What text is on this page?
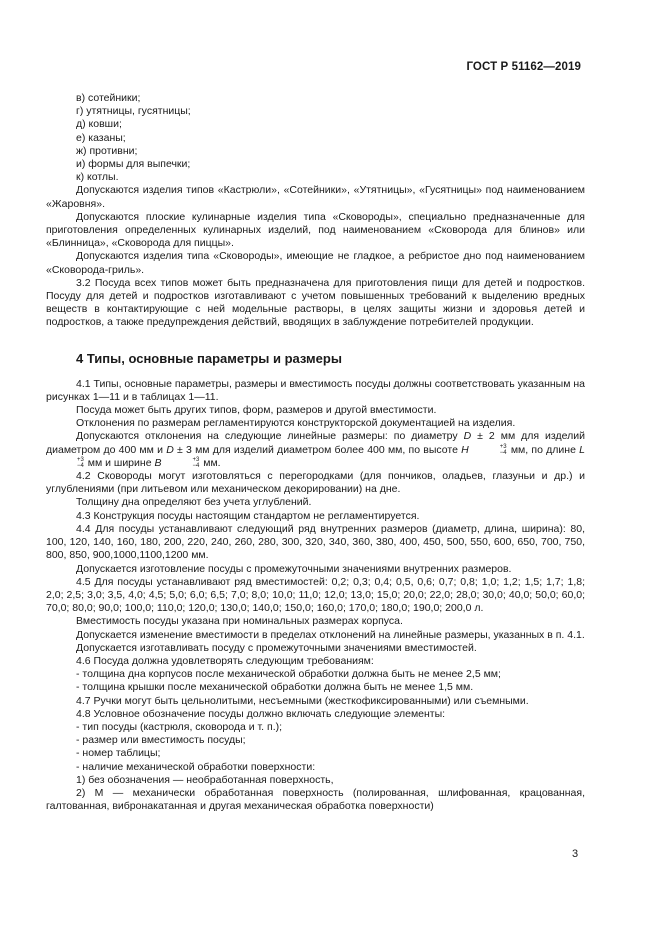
ГОСТ Р 51162—2019

в) сотейники;

г) утятницы, гусятницы;

д) ковши;

е) казаны;

ж) противни;

и) формы для выпечки;

к) котлы.

Допускаются изделия типов «Кастрюли», «Сотейники», «Утятницы», «Гусятницы» под наименованием «Жаровня».

Допускаются плоские кулинарные изделия типа «Сковороды», специально предназначенные для приготовления определенных кулинарных изделий, под наименованием «Сковорода для блинов» или «Блинница», «Сковорода для пиццы».

Допускаются изделия типа «Сковороды», имеющие не гладкое, а ребристое дно под наименованием «Сковорода-гриль».

3.2 Посуда всех типов может быть предназначена для приготовления пищи для детей и подростков. Посуду для детей и подростков изготавливают с учетом повышенных требований к выделению вредных веществ в контактирующие с ней модельные растворы, в целях защиты жизни и здоровья детей и подростков, а также предупреждения действий, вводящих в заблуждение потребителей продукции.

4 Типы, основные параметры и размеры

4.1 Типы, основные параметры, размеры и вместимость посуды должны соответствовать указанным на рисунках 1—11 и в таблицах 1—11.

Посуда может быть других типов, форм, размеров и другой вместимости.

Отклонения по размерам регламентируются конструкторской документацией на изделия.

Допускаются отклонения на следующие линейные размеры: по диаметру D ± 2 мм для изделий диаметром до 400 мм и D ± 3 мм для изделий диаметром более 400 мм, по высоте H	+3
−4 мм, по длине L
+3
−4 мм и ширине B	+3
−4 мм.

4.2 Сковороды могут изготовляться с перегородками (для пончиков, оладьев, глазуньи и др.) и углублениями (при литьевом или механическом декорировании) на дне.

Толщину дна определяют без учета углублений.

4.3 Конструкция посуды настоящим стандартом не регламентируется.

4.4 Для посуды устанавливают следующий ряд внутренних размеров (диаметр, длина, ширина): 80, 100, 120, 140, 160, 180, 200, 220, 240, 260, 280, 300, 320, 340, 360, 380, 400, 450, 500, 550, 600, 650, 700, 750, 800, 850, 900,1000,1100,1200 мм.

Допускается изготовление посуды с промежуточными значениями внутренних размеров.

4.5 Для посуды устанавливают ряд вместимостей: 0,2; 0,3; 0,4; 0,5, 0,6; 0,7; 0,8; 1,0; 1,2; 1,5; 1,7; 1,8; 2,0; 2,5; 3,0; 3,5, 4,0; 4,5; 5,0; 6,0; 6,5; 7,0; 8,0; 10,0; 11,0; 12,0; 13,0; 15,0; 20,0; 22,0; 28,0; 30,0; 40,0; 50,0; 60,0; 70,0; 80,0; 90,0; 100,0; 110,0; 120,0; 130,0; 140,0; 150,0; 160,0; 170,0; 180,0; 190,0; 200,0 л.

Вместимость посуды указана при номинальных размерах корпуса.

Допускается изменение вместимости в пределах отклонений на линейные размеры, указанных в п. 4.1.

Допускается изготавливать посуду с промежуточными значениями вместимостей.

4.6 Посуда должна удовлетворять следующим требованиям:

- толщина дна корпусов после механической обработки должна быть не менее 2,5 мм;

- толщина крышки после механической обработки должна быть не менее 1,5 мм.

4.7 Ручки могут быть цельнолитыми, несъемными (жесткофиксированными) или съемными.

4.8 Условное обозначение посуды должно включать следующие элементы:

- тип посуды (кастрюля, сковорода и т. п.);

- размер или вместимость посуды;

- номер таблицы;

- наличие механической обработки поверхности:

1) без обозначения — необработанная поверхность,

2) М — механически обработанная поверхность (полированная, шлифованная, крацованная, галтованная, вибронакатанная и другая механическая обработка поверхности)

3
